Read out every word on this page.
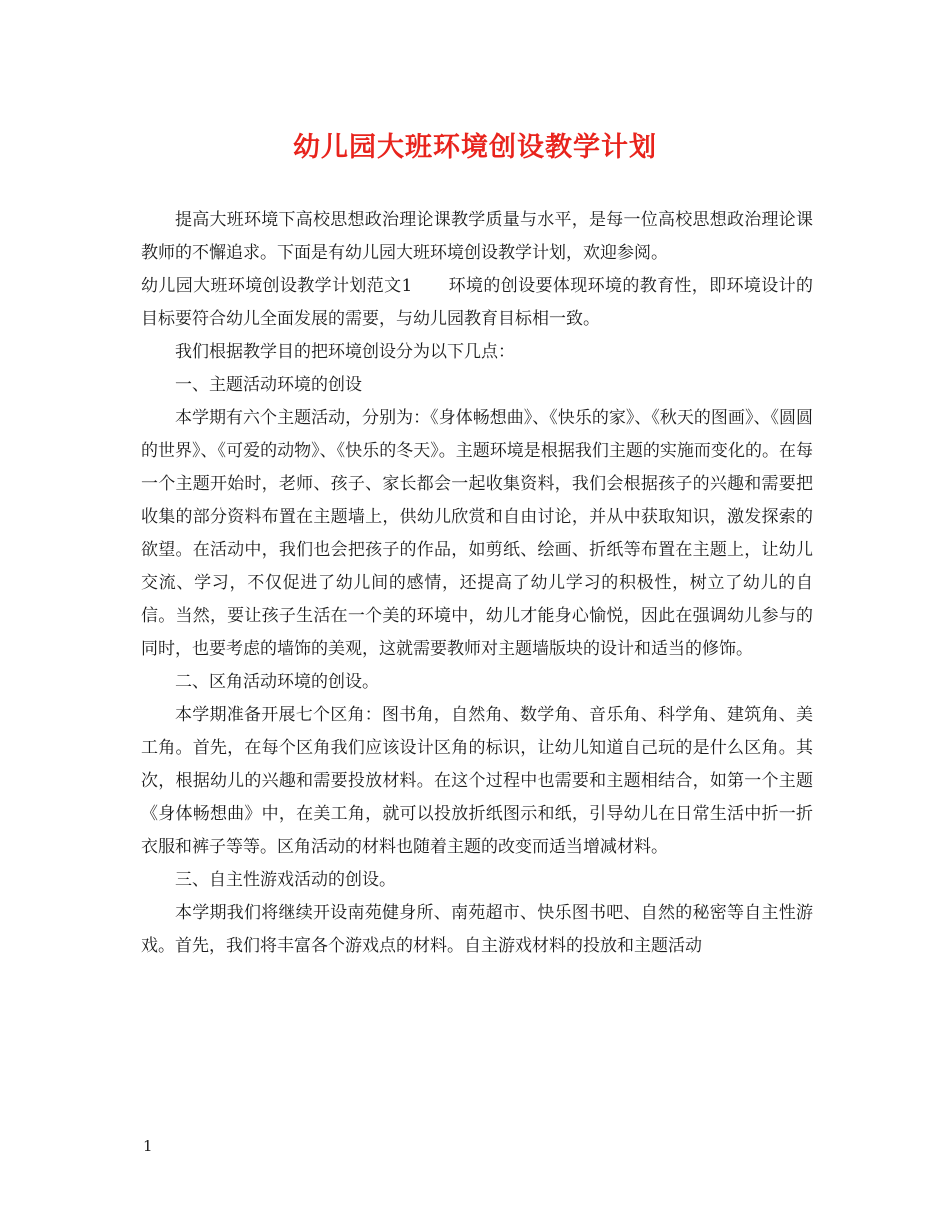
幼儿园大班环境创设教学计划

提高大班环境下高校思想政治理论课教学质量与水平，是每一位高校思想政治理论课教师的不懈追求。下面是有幼儿园大班环境创设教学计划，欢迎参阅。

幼儿园大班环境创设教学计划范文1 环境的创设要体现环境的教育性，即环境设计的目标要符合幼儿全面发展的需要，与幼儿园教育目标相一致。

我们根据教学目的把环境创设分为以下几点：

一、主题活动环境的创设

本学期有六个主题活动，分别为：《身体畅想曲》、《快乐的家》、《秋天的图画》、《圆圆的世界》、《可爱的动物》、《快乐的冬天》。主题环境是根据我们主题的实施而变化的。在每一个主题开始时，老师、孩子、家长都会一起收集资料，我们会根据孩子的兴趣和需要把收集的部分资料布置在主题墙上，供幼儿欣赏和自由讨论，并从中获取知识，激发探索的欲望。在活动中，我们也会把孩子的作品，如剪纸、绘画、折纸等布置在主题上，让幼儿交流、学习，不仅促进了幼儿间的感情，还提高了幼儿学习的积极性，树立了幼儿的自信。当然，要让孩子生活在一个美的环境中，幼儿才能身心愉悦，因此在强调幼儿参与的同时，也要考虑的墙饰的美观，这就需要教师对主题墙版块的设计和适当的修饰。

二、区角活动环境的创设。

本学期准备开展七个区角：图书角，自然角、数学角、音乐角、科学角、建筑角、美工角。首先，在每个区角我们应该设计区角的标识，让幼儿知道自己玩的是什么区角。其次，根据幼儿的兴趣和需要投放材料。在这个过程中也需要和主题相结合，如第一个主题《身体畅想曲》中，在美工角，就可以投放折纸图示和纸，引导幼儿在日常生活中折一折衣服和裤子等等。区角活动的材料也随着主题的改变而适当增减材料。

三、自主性游戏活动的创设。

本学期我们将继续开设南苑健身所、南苑超市、快乐图书吧、自然的秘密等自主性游戏。首先，我们将丰富各个游戏点的材料。自主游戏材料的投放和主题活动

1
